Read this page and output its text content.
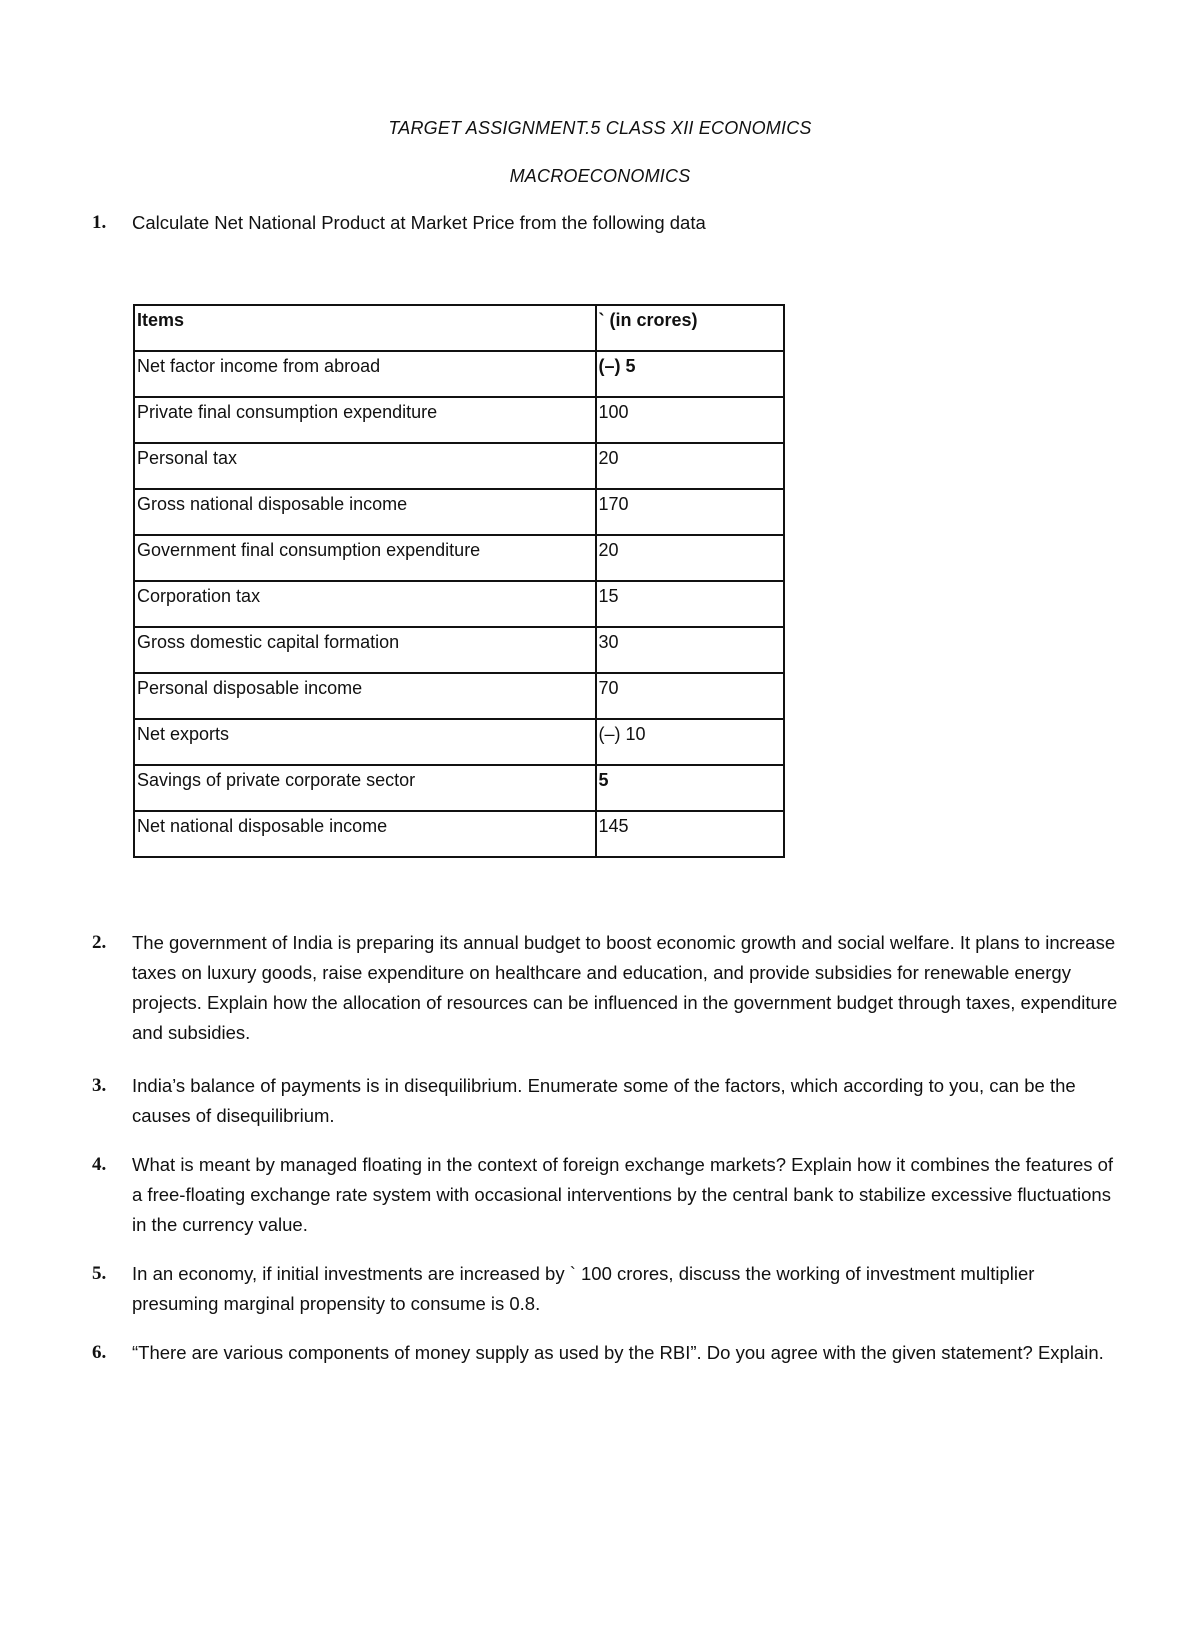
TARGET ASSIGNMENT.5 CLASS XII ECONOMICS
MACROECONOMICS
1. Calculate Net National Product at Market Price from the following data
Items	` (in crores)
Net factor income from abroad	(–) 5
Private final consumption expenditure	100
Personal tax	20
Gross national disposable income	170
Government final consumption expenditure	20
Corporation tax	15
Gross domestic capital formation	30
Personal disposable income	70
Net exports	(–) 10
Savings of private corporate sector	5
Net national disposable income	145
2. The government of India is preparing its annual budget to boost economic growth and social welfare. It plans to increase taxes on luxury goods, raise expenditure on healthcare and education, and provide subsidies for renewable energy projects. Explain how the allocation of resources can be influenced in the government budget through taxes, expenditure and subsidies.
3. India’s balance of payments is in disequilibrium. Enumerate some of the factors, which according to you, can be the causes of disequilibrium.
4. What is meant by managed floating in the context of foreign exchange markets? Explain how it combines the features of a free-floating exchange rate system with occasional interventions by the central bank to stabilize excessive fluctuations in the currency value.
5. In an economy, if initial investments are increased by ` 100 crores, discuss the working of investment multiplier presuming marginal propensity to consume is 0.8.
6. “There are various components of money supply as used by the RBI”. Do you agree with the given statement? Explain.
